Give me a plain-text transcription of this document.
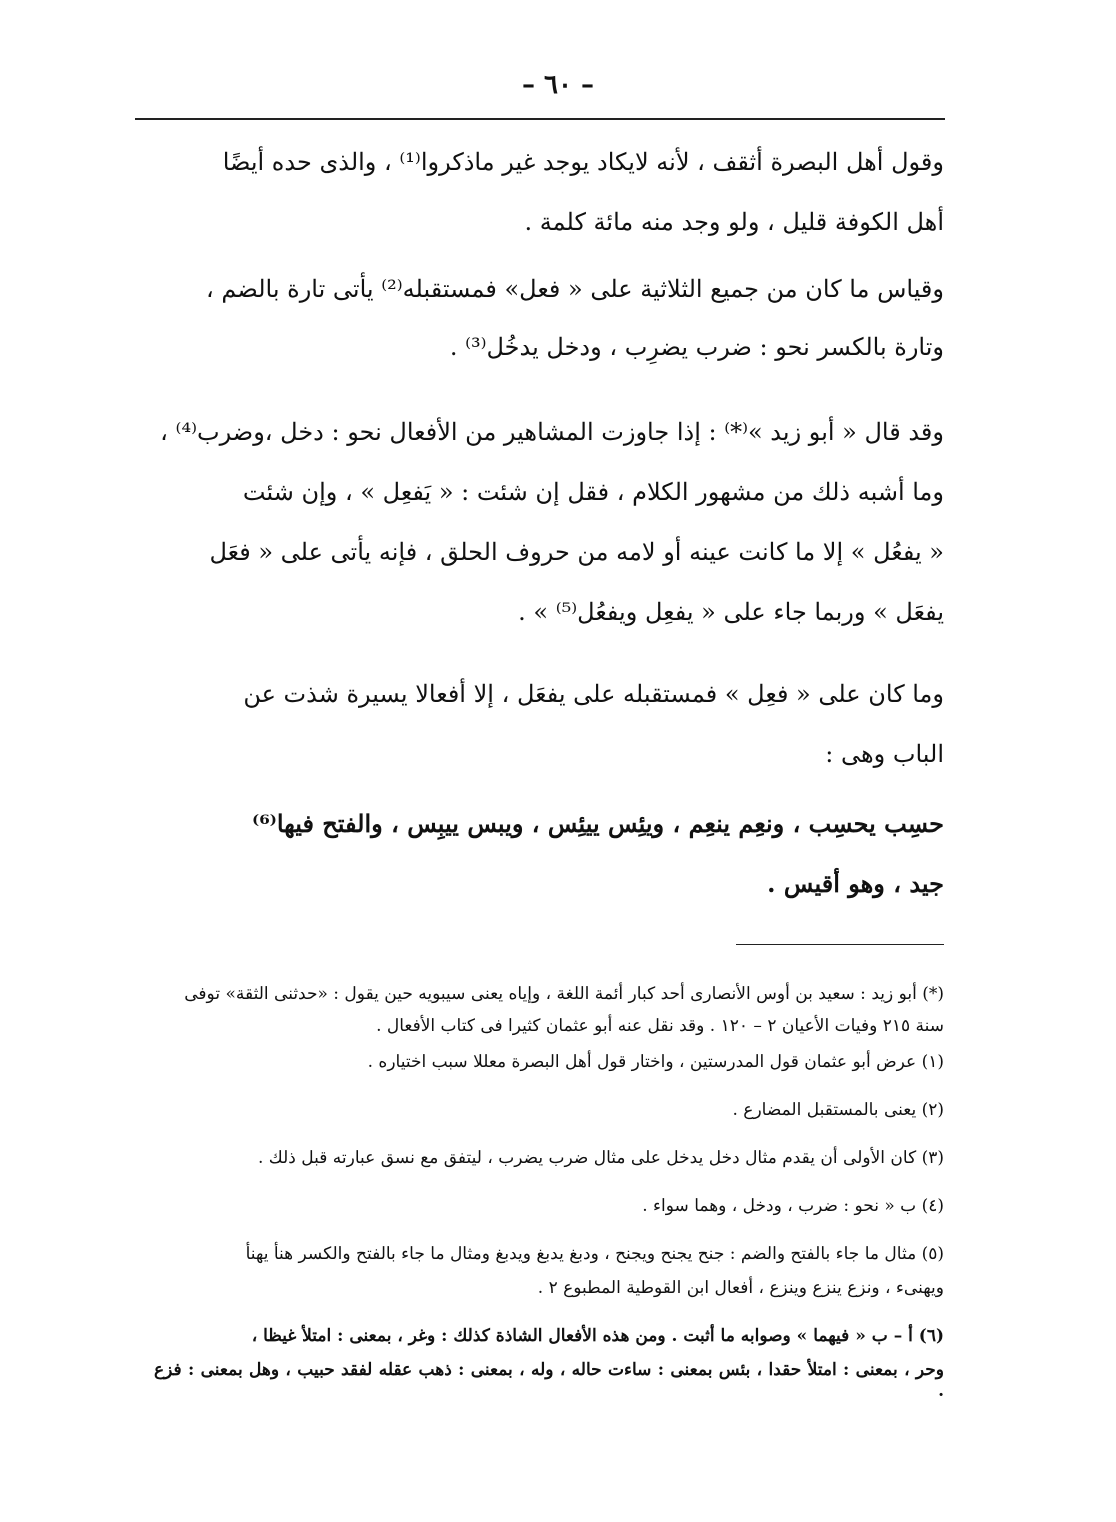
– ٦٠ –
وقول أهل البصرة أثقف ، لأنه لايكاد يوجد غير ماذكروا⁽¹⁾ ، والذى حده أيضًا
أهل الكوفة قليل ، ولو وجد منه مائة كلمة .
وقياس ما كان من جميع الثلاثية على « فعل» فمستقبله⁽²⁾ يأتى تارة بالضم ،
وتارة بالكسر نحو : ضرب يضرِب ، ودخل يدخُل⁽³⁾ .
وقد قال « أبو زيد »⁽*⁾ : إذا جاوزت المشاهير من الأفعال نحو : دخل ،وضرب⁽⁴⁾ ،
وما أشبه ذلك من مشهور الكلام ، فقل إن شئت : « يَفعِل » ، وإن شئت
« يفعُل » إلا ما كانت عينه أو لامه من حروف الحلق ، فإنه يأتى على « فعَل
يفعَل » وربما جاء على « يفعِل ويفعُل⁽⁵⁾ » .
وما كان على « فعِل » فمستقبله على يفعَل ، إلا أفعالا يسيرة شذت عن
الباب وهى :
حسِب يحسِب ، ونعِم ينعِم ، ويئِس ييئِس ، ويبس ييبِس ، والفتح فيها⁽⁶⁾
جيد ، وهو أقيس .
(*) أبو زيد : سعيد بن أوس الأنصارى أحد كبار أئمة اللغة ، وإياه يعنى سيبويه حين يقول : «حدثنى الثقة» توفى
سنة ٢١٥ وفيات الأعيان ٢ – ١٢٠ . وقد نقل عنه أبو عثمان كثيرا فى كتاب الأفعال .
(١) عرض أبو عثمان قول المدرستين ، واختار قول أهل البصرة معللا سبب اختياره .
(٢) يعنى بالمستقبل المضارع .
(٣) كان الأولى أن يقدم مثال دخل يدخل على مثال ضرب يضرب ، ليتفق مع نسق عبارته قبل ذلك .
(٤) ب « نحو : ضرب ، ودخل ، وهما سواء .
(٥) مثال ما جاء بالفتح والضم : جنح يجنح ويجنح ، ودبغ يدبغ ويدبغ ومثال ما جاء بالفتح والكسر هنأ يهنأ
ويهنىء ، ونزع ينزع وينزع ، أفعال ابن القوطية المطبوع ٢ .
(٦) أ – ب « فيهما » وصوابه ما أثبت . ومن هذه الأفعال الشاذة كذلك : وغر ، بمعنى : امتلأ غيظا ،
وحر ، بمعنى : امتلأ حقدا ، بئس بمعنى : ساءت حاله ، وله ، بمعنى : ذهب عقله لفقد حبيب ، وهل بمعنى : فزع .
